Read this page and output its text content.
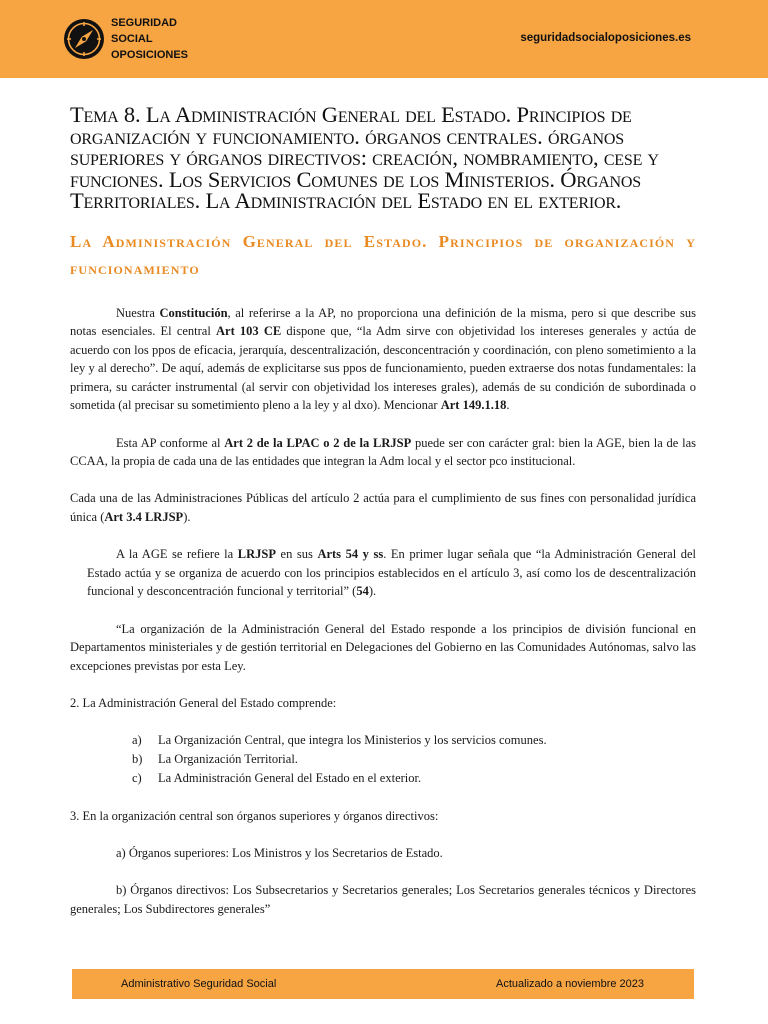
SEGURIDAD
SOCIAL
OPOSICIONES
seguridadsocialoposiciones.es
Tema 8. La Administración General del Estado. Principios de organización y funcionamiento. órganos centrales. órganos superiores y órganos directivos: creación, nombramiento, cese y funciones. Los Servicios Comunes de los Ministerios. Órganos Territoriales. La Administración del Estado en el exterior.
La Administración General del Estado. Principios de organización y funcionamiento

Nuestra Constitución, al referirse a la AP, no proporciona una definición de la misma, pero si que describe sus notas esenciales. El central Art 103 CE dispone que, “la Adm sirve con objetividad los intereses generales y actúa de acuerdo con los ppos de eficacia, jerarquía, descentralización, desconcentración y coordinación, con pleno sometimiento a la ley y al derecho”. De aquí, además de explicitarse sus ppos de funcionamiento, pueden extraerse dos notas fundamentales: la primera, su carácter instrumental (al servir con objetividad los intereses grales), además de su condición de subordinada o sometida (al precisar su sometimiento pleno a la ley y al dxo). Mencionar Art 149.1.18.

Esta AP conforme al Art 2 de la LPAC o 2 de la LRJSP puede ser con carácter gral: bien la AGE, bien la de las CCAA, la propia de cada una de las entidades que integran la Adm local y el sector pco institucional.

Cada una de las Administraciones Públicas del artículo 2 actúa para el cumplimiento de sus fines con personalidad jurídica única (Art 3.4 LRJSP).

A la AGE se refiere la LRJSP en sus Arts 54 y ss. En primer lugar señala que “la Administración General del Estado actúa y se organiza de acuerdo con los principios establecidos en el artículo 3, así como los de descentralización funcional y desconcentración funcional y territorial” (54).

“La organización de la Administración General del Estado responde a los principios de división funcional en Departamentos ministeriales y de gestión territorial en Delegaciones del Gobierno en las Comunidades Autónomas, salvo las excepciones previstas por esta Ley.

2. La Administración General del Estado comprende:

a) La Organización Central, que integra los Ministerios y los servicios comunes.
b) La Organización Territorial.
c) La Administración General del Estado en el exterior.

3. En la organización central son órganos superiores y órganos directivos:

a) Órganos superiores: Los Ministros y los Secretarios de Estado.

b) Órganos directivos: Los Subsecretarios y Secretarios generales; Los Secretarios generales técnicos y Directores generales; Los Subdirectores generales”

Administrativo Seguridad Social	Actualizado a noviembre 2023
